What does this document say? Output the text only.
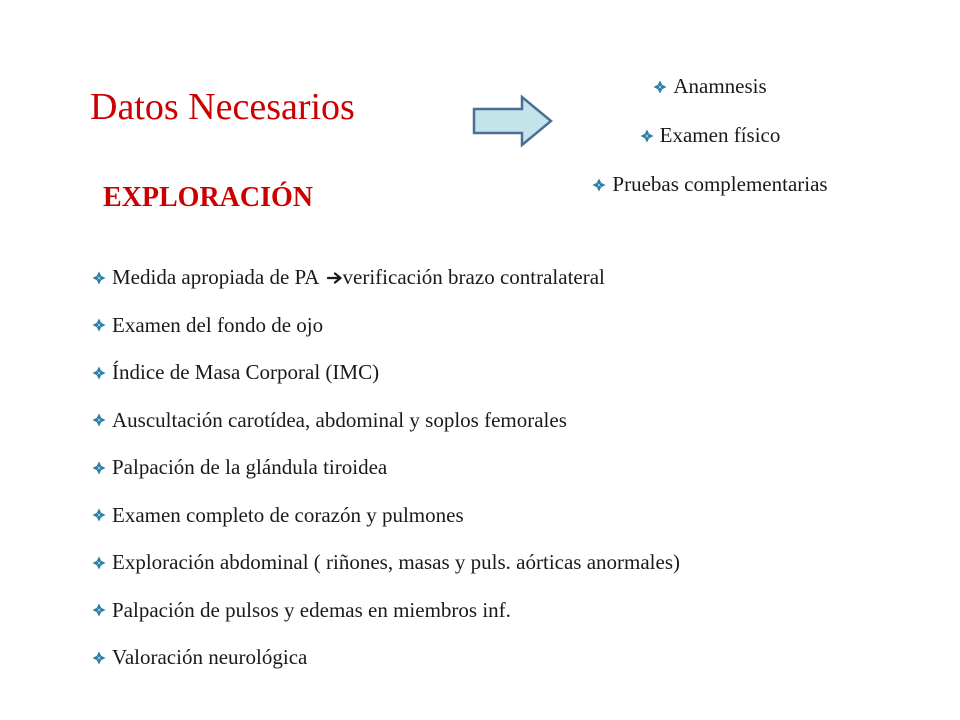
Datos Necesarios	Anamnesis
Examen físico
Pruebas complementarias
EXPLORACIÓN
Medida apropiada de PA verificación brazo contralateral
Examen del fondo de ojo
Índice de Masa Corporal (IMC)
Auscultación carotídea, abdominal y soplos femorales
Palpación de la glándula tiroidea
Examen completo de corazón y pulmones
Exploración abdominal ( riñones, masas y puls. aórticas anormales)
Palpación de pulsos y edemas en miembros inf.
Valoración neurológica
